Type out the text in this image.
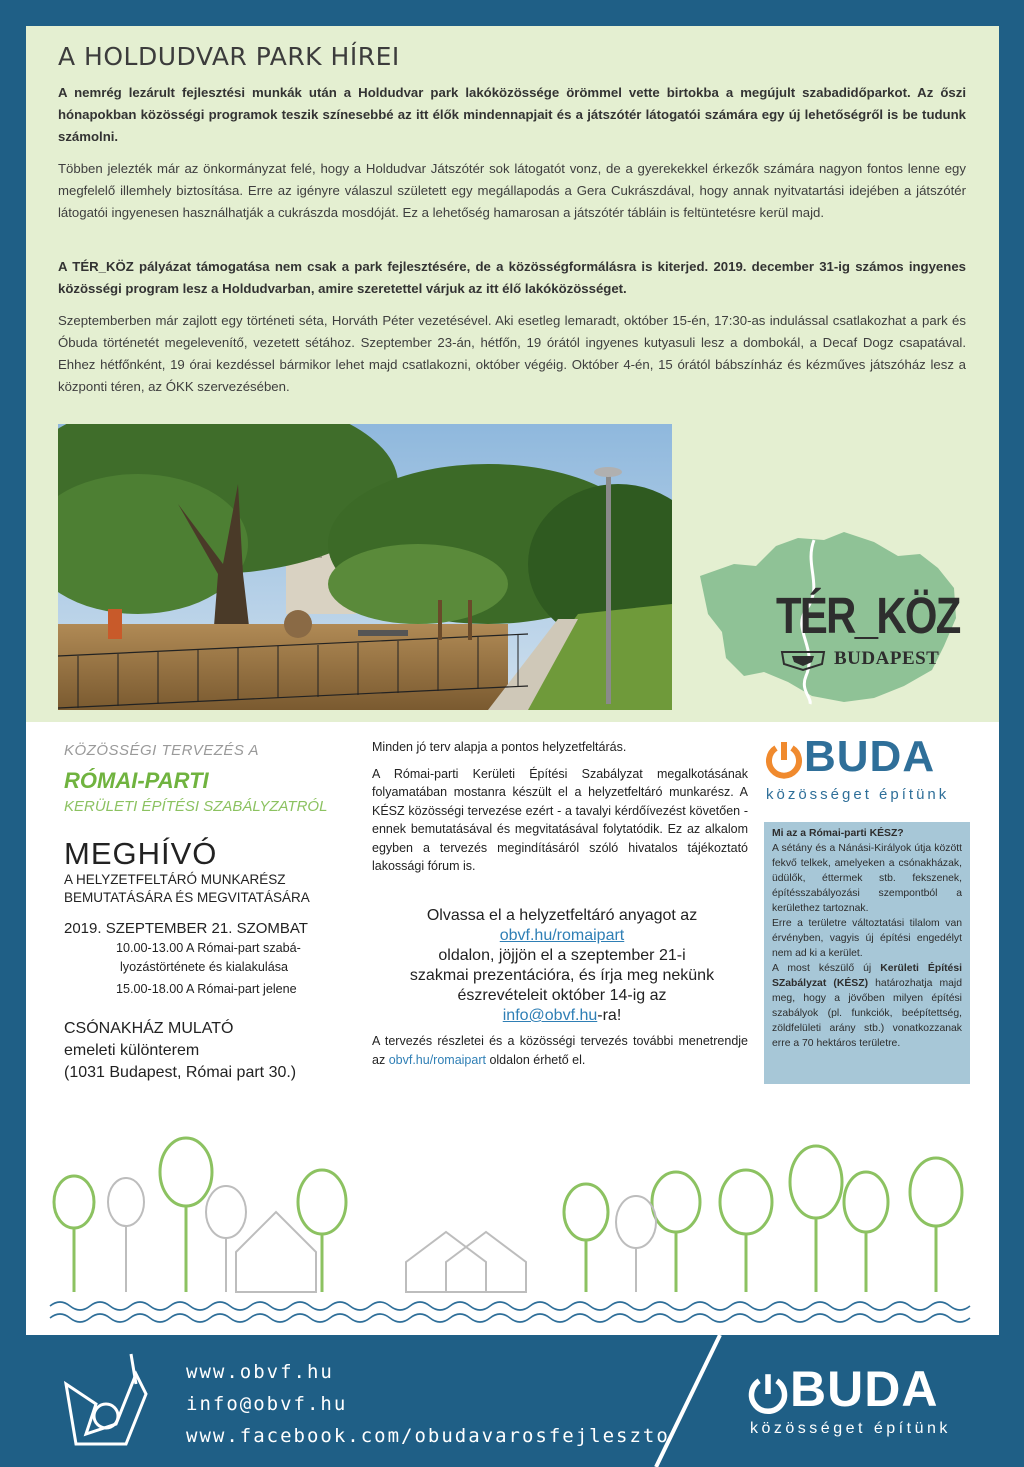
A HOLDUDVAR PARK HÍREI

A nemrég lezárult fejlesztési munkák után a Holdudvar park lakóközössége örömmel vette birtokba a megújult szabadidőparkot. Az őszi hónapokban közösségi programok teszik színesebbé az itt élők mindennapjait és a játszótér látogatói számára egy új lehetőségről is be tudunk számolni.

Többen jelezték már az önkormányzat felé, hogy a Holdudvar Játszótér sok látogatót vonz, de a gyerekekkel érkezők számára nagyon fontos lenne egy megfelelő illemhely biztosítása. Erre az igényre válaszul született egy megállapodás a Gera Cukrászdával, hogy annak nyitvatartási idejében a játszótér látogatói ingyenesen használhatják a cukrászda mosdóját. Ez a lehetőség hamarosan a játszótér tábláin is feltüntetésre kerül majd.

A TÉR_KÖZ pályázat támogatása nem csak a park fejlesztésére, de a közösségformálásra is kiterjed. 2019. december 31-ig számos ingyenes közösségi program lesz a Holdudvarban, amire szeretettel várjuk az itt élő lakóközösséget.

Szeptemberben már zajlott egy történeti séta, Horváth Péter vezetésével. Aki esetleg lemaradt, október 15-én, 17:30-as indulással csatlakozhat a park és Óbuda történetét megelevenítő, vezetett sétához. Szeptember 23-án, hétfőn, 19 órától ingyenes kutyasuli lesz a dombokál, a Decaf Dogz csapatával. Ehhez hétfőnként, 19 órai kezdéssel bármikor lehet majd csatlakozni, október végéig. Október 4-én, 15 órától bábszínház és kézműves játszóház lesz a központi téren, az ÓKK szervezésében.

TÉR_KÖZ
BUDAPEST
KÖZÖSSÉGI TERVEZÉS A
RÓMAI-PARTI
KERÜLETI ÉPÍTÉSI SZABÁLYZATRÓL
MEGHÍVÓ
A HELYZETFELTÁRÓ MUNKARÉSZ
BEMUTATÁSÁRA ÉS MEGVITATÁSÁRA
2019. SZEPTEMBER 21. SZOMBAT
10.00-13.00 A Római-part szabá-
lyozástörténete és kialakulása
15.00-18.00 A Római-part jelene
CSÓNAKHÁZ MULATÓ
emeleti különterem
(1031 Budapest, Római part 30.)

Minden jó terv alapja a pontos helyzetfeltárás.

A Római-parti Kerületi Építési Szabályzat megalkotásának folyamatában mostanra készült el a helyzetfeltáró munkarész. A KÉSZ közösségi tervezése ezért - a tavalyi kérdőívezést követően - ennek bemutatásával és megvitatásával folytatódik. Ez az alkalom egyben a tervezés megindításáról szóló hivatalos tájékoztató lakossági fórum is.

Olvassa el a helyzetfeltáró anyagot az
obvf.hu/romaipart
oldalon, jöjjön el a szeptember 21-i
szakmai prezentációra, és írja meg nekünk
észrevételeit október 14-ig az
info@obvf.hu-ra!

A tervezés részletei és a közösségi tervezés további menetrendje az obvf.hu/romaipart oldalon érhető el.

BUDA
közösséget építünk

Mi az a Római-parti KÉSZ?

A sétány és a Nánási-Királyok útja között fekvő telkek, amelyeken a csónakházak, üdülők, éttermek stb. fekszenek, építésszabályozási szempontból a kerülethez tartoznak.

Erre a területre változtatási tilalom van érvényben, vagyis új építési engedélyt nem ad ki a kerület.

A most készülő új Kerületi Építési SZabályzat (KÉSZ) határozhatja majd meg, hogy a jövőben milyen építési szabályok (pl. funkciók, beépítettség, zöldfelületi arány stb.) vonatkozzanak erre a 70 hektáros területre.

www.obvf.hu
info@obvf.hu
www.facebook.com/obudavarosfejleszto
BUDA
közösséget építünk
